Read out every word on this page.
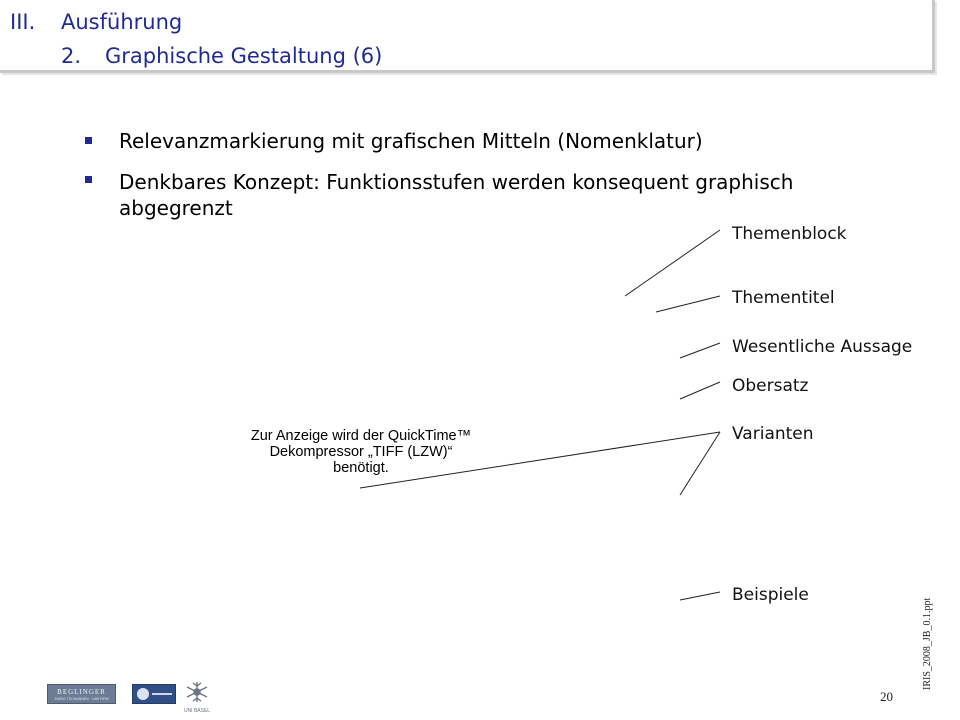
III. Ausführung
2. Graphische Gestaltung (6)
Relevanzmarkierung mit grafischen Mitteln (Nomenklatur)
Denkbares Konzept: Funktionsstufen werden konsequent graphisch abgegrenzt
Themenblock
Thementitel
Wesentliche Aussage
Obersatz
Varianten
Beispiele
Zur Anzeige wird der QuickTime™
Dekompressor „TIFF (LZW)“
benötigt.
IRIS_2008_JB_0.1.ppt
20
BEGLINGER
ZWEIG TSCHANNEN · LAW FIRM
UNI BASEL
